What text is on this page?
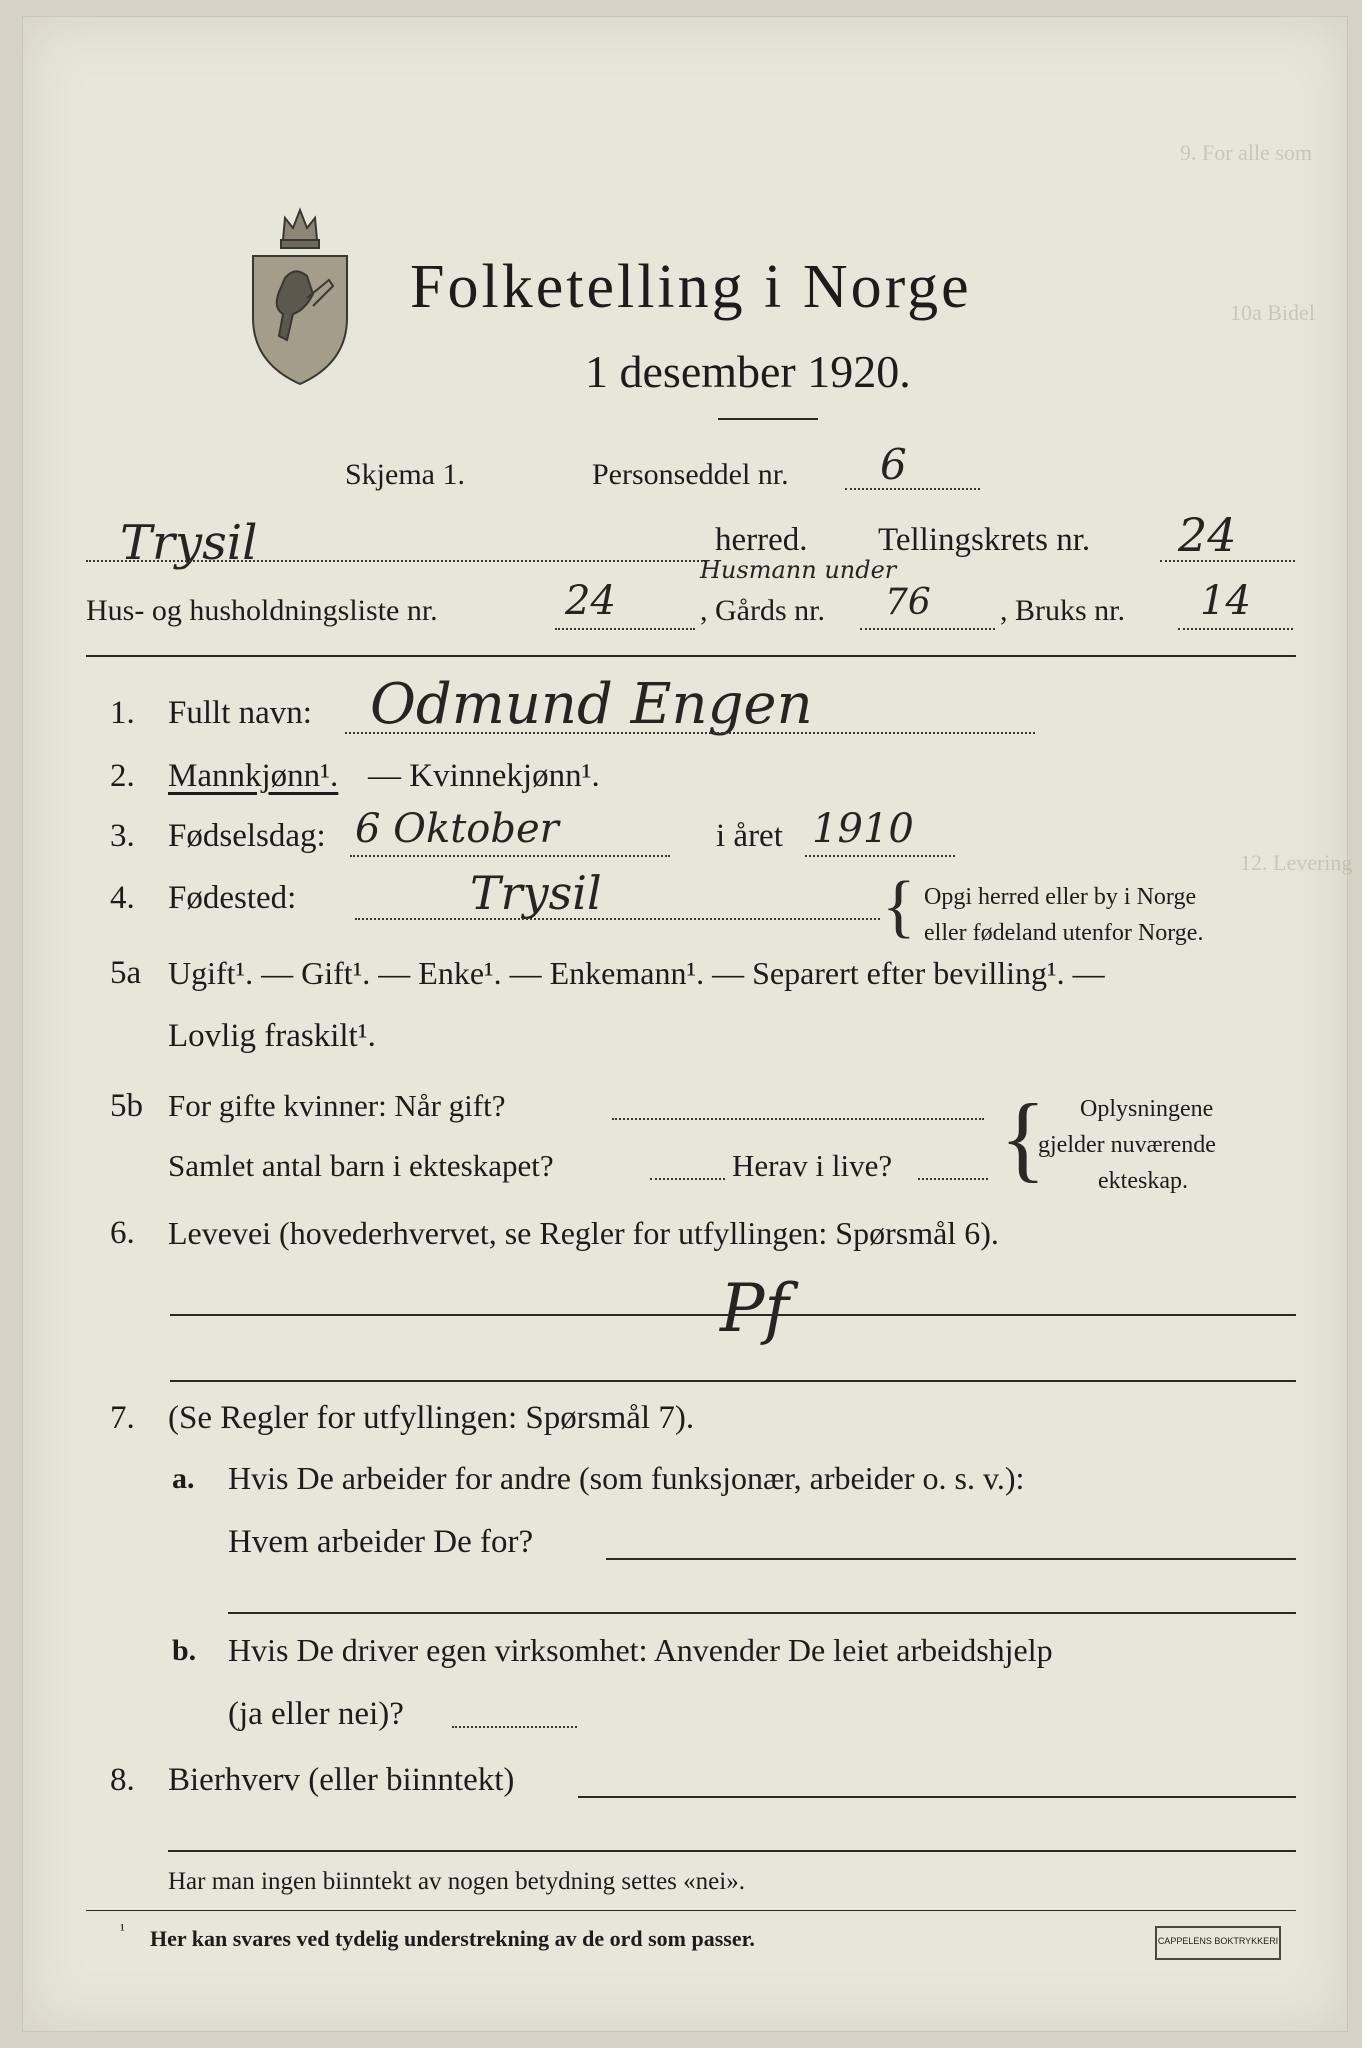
9. For alle som
10a Bidel
12. Levering
Folketelling i Norge
1 desember 1920.
Skjema 1.	Personseddel nr. 6
Trysil	herred. Tellingskrets nr. 24
Husmann under
Hus- og husholdningsliste nr.	24	, Gårds nr. 76 , Bruks nr. 14
1. Fullt navn: Odmund Engen
2. Mannkjønn¹. — Kvinnekjønn¹.
3. Fødselsdag: 6 Oktober	i året 1910
4. Fødested:	Trysil	{ Opgi herred eller by i Norge
eller fødeland utenfor Norge.
5a Ugift¹. — Gift¹. — Enke¹. — Enkemann¹. — Separert efter bevilling¹. —
Lovlig fraskilt¹.
5b For gifte kvinner: Når gift?
Samlet antal barn i ekteskapet?	Herav i live? { Oplysningene
gjelder nuværende
ekteskap.
6. Levevei (hovederhvervet, se Regler for utfyllingen: Spørsmål 6).
Pf
7. (Se Regler for utfyllingen: Spørsmål 7).
a. Hvis De arbeider for andre (som funksjonær, arbeider o. s. v.):
Hvem arbeider De for?
b. Hvis De driver egen virksomhet: Anvender De leiet arbeidshjelp
(ja eller nei)?
8. Bierhverv (eller biinntekt)
Har man ingen biinntekt av nogen betydning settes «nei».
¹ Her kan svares ved tydelig understrekning av de ord som passer.	CAPPELENS BOKTRYKKERI
